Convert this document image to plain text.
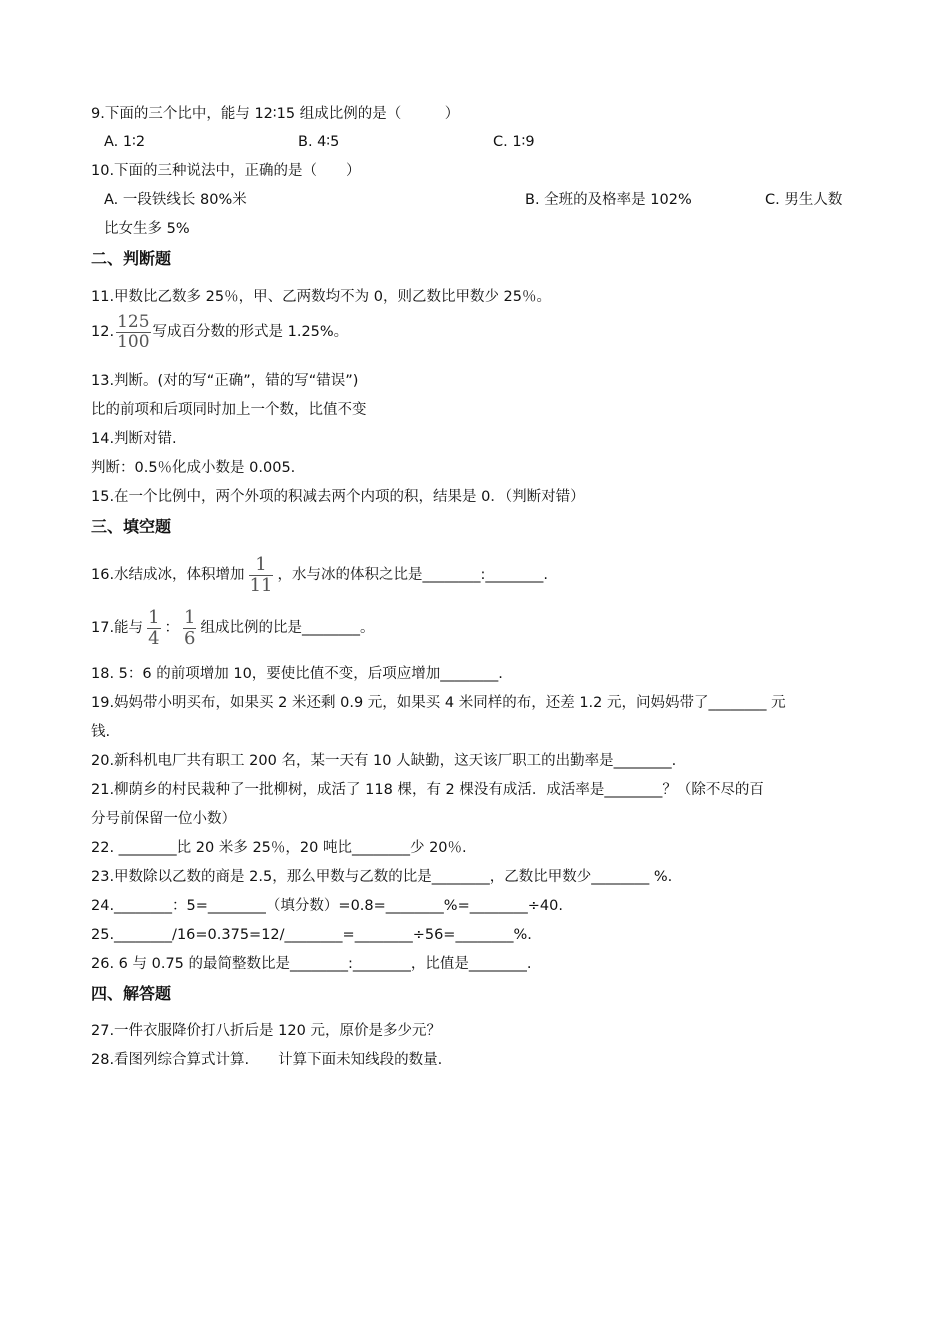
9.下面的三个比中，能与 12∶15 组成比例的是（　　　）
A. 1∶2	B. 4∶5	C. 1∶9
10.下面的三种说法中，正确的是（　　）
A. 一段铁线长 80%米	B. 全班的及格率是 102%	C. 男生人数
比女生多 5%
二、判断题
11.甲数比乙数多 25％，甲、乙两数均不为 0，则乙数比甲数少 25％。
12. $\frac{125}{100}$ 写成百分数的形式是 1.25%。
13.判断。(对的写“正确”，错的写“错误”)
比的前项和后项同时加上一个数，比值不变
14.判断对错.
判断：0.5％化成小数是 0.005.
15.在一个比例中，两个外项的积减去两个内项的积，结果是 0．（判断对错）
三、填空题
16.水结成冰，体积增加 $\frac{1}{11}$ ，水与冰的体积之比是________:________.
17.能与 $\frac{1}{4}$ ： $\frac{1}{6}$ 组成比例的比是________。
18. 5：6 的前项增加 10，要使比值不变，后项应增加________.
19.妈妈带小明买布，如果买 2 米还剩 0.9 元，如果买 4 米同样的布，还差 1.2 元，问妈妈带了________ 元
钱.
20.新科机电厂共有职工 200 名，某一天有 10 人缺勤，这天该厂职工的出勤率是________.
21.柳荫乡的村民栽种了一批柳树，成活了 118 棵，有 2 棵没有成活．成活率是________？（除不尽的百
分号前保留一位小数）
22. ________比 20 米多 25％，20 吨比________少 20％.
23.甲数除以乙数的商是 2.5，那么甲数与乙数的比是________，乙数比甲数少________ %.
24.________：5=________（填分数）=0.8=________%=________÷40.
25.________/16=0.375=12/________=________÷56=________%.
26. 6 与 0.75 的最简整数比是________:________，比值是________.
四、解答题
27.一件衣服降价打八折后是 120 元，原价是多少元？
28.看图列综合算式计算.　　计算下面未知线段的数量.
